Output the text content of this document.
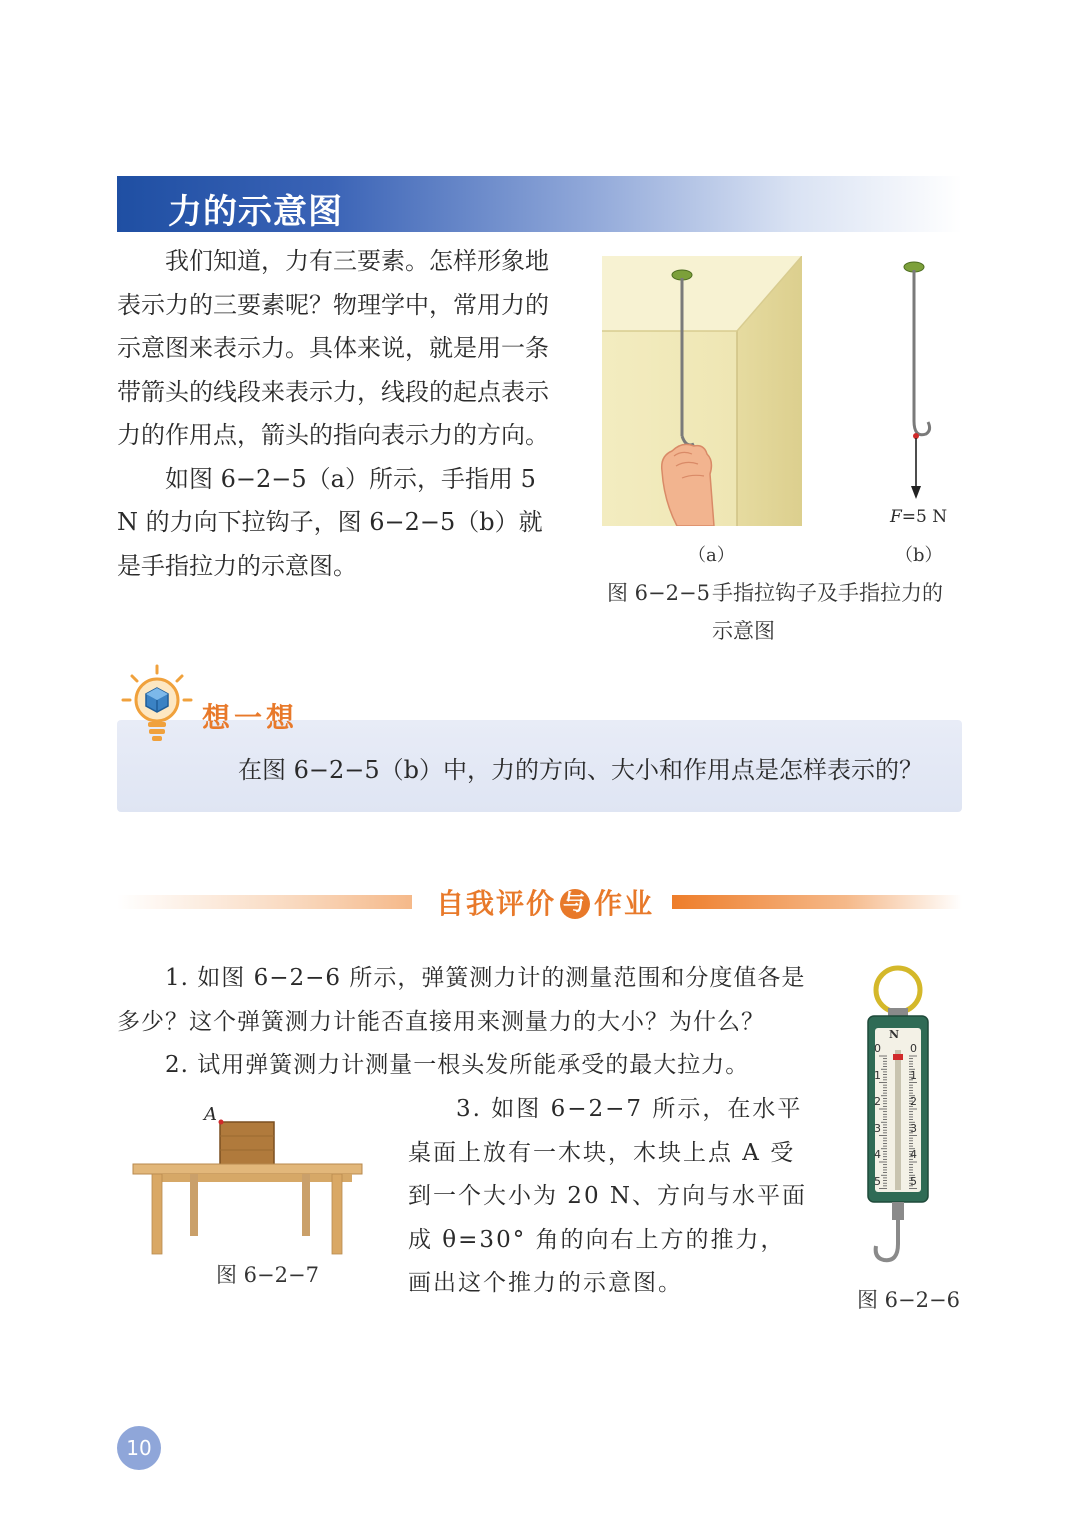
力的示意图

我们知道，力有三要素。怎样形象地表示力的三要素呢？物理学中，常用力的示意图来表示力。具体来说，就是用一条带箭头的线段来表示力，线段的起点表示力的作用点，箭头的指向表示力的方向。

如图 6−2−5（a）所示，手指用 5 N 的力向下拉钩子，图 6−2−5（b）就是手指拉力的示意图。

F=5 N
（a）	（b）
图 6−2−5 手指拉钩子及手指拉力的
示意图
想一想
在图 6−2−5（b）中，力的方向、大小和作用点是怎样表示的？
自我评价 与 作业

1. 如图 6−2−6 所示，弹簧测力计的测量范围和分度值各是多少？这个弹簧测力计能否直接用来测量力的大小？为什么？

2. 试用弹簧测力计测量一根头发所能承受的最大拉力。

3. 如图 6−2−7 所示，在水平桌面上放有一木块，木块上点 A 受到一个大小为 20 N、方向与水平面成 θ=30° 角的向右上方的推力，画出这个推力的示意图。

A
图 6−2−7
N
0
1
2
3
4
5
0
1
2
3
4
5
图 6−2−6
10
